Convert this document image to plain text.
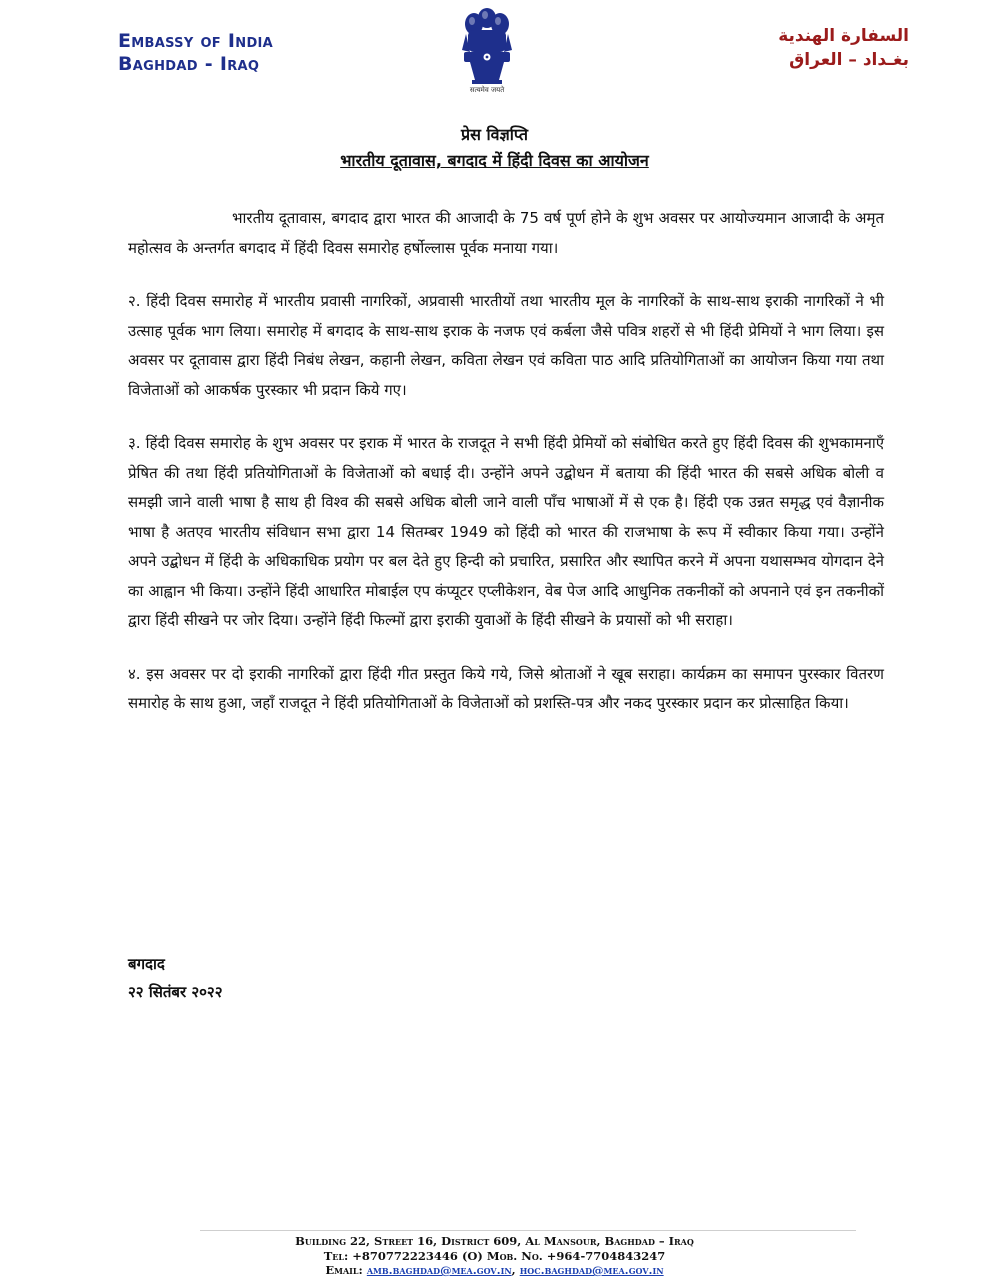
Embassy of India
Baghdad - Iraq
सत्यमेव जयते
السفارة الهندية
بغـداد – العراق
प्रेस विज्ञप्ति
भारतीय दूतावास, बगदाद में हिंदी दिवस का आयोजन

भारतीय दूतावास, बगदाद द्वारा भारत की आजादी के 75 वर्ष पूर्ण होने के शुभ अवसर पर आयोज्यमान आजादी के अमृत महोत्सव के अन्तर्गत बगदाद में हिंदी दिवस समारोह हर्षोल्लास पूर्वक मनाया गया।

२. हिंदी दिवस समारोह में भारतीय प्रवासी नागरिकों, अप्रवासी भारतीयों तथा भारतीय मूल के नागरिकों के साथ-साथ इराकी नागरिकों ने भी उत्साह पूर्वक भाग लिया। समारोह में बगदाद के साथ-साथ इराक के नजफ एवं कर्बला जैसे पवित्र शहरों से भी हिंदी प्रेमियों ने भाग लिया। इस अवसर पर दूतावास द्वारा हिंदी निबंध लेखन, कहानी लेखन, कविता लेखन एवं कविता पाठ आदि प्रतियोगिताओं का आयोजन किया गया तथा विजेताओं को आकर्षक पुरस्कार भी प्रदान किये गए।

३. हिंदी दिवस समारोह के शुभ अवसर पर इराक में भारत के राजदूत ने सभी हिंदी प्रेमियों को संबोधित करते हुए हिंदी दिवस की शुभकामनाएँ प्रेषित की तथा हिंदी प्रतियोगिताओं के विजेताओं को बधाई दी। उन्होंने अपने उद्बोधन में बताया की हिंदी भारत की सबसे अधिक बोली व समझी जाने वाली भाषा है साथ ही विश्व की सबसे अधिक बोली जाने वाली पाँच भाषाओं में से एक है। हिंदी एक उन्नत समृद्ध एवं वैज्ञानीक भाषा है अतएव भारतीय संविधान सभा द्वारा 14 सितम्बर 1949 को हिंदी को भारत की राजभाषा के रूप में स्वीकार किया गया। उन्होंने अपने उद्बोधन में हिंदी के अधिकाधिक प्रयोग पर बल देते हुए हिन्दी को प्रचारित, प्रसारित और स्थापित करने में अपना यथासम्भव योगदान देने का आह्वान भी किया। उन्होंने हिंदी आधारित मोबाईल एप कंप्यूटर एप्लीकेशन, वेब पेज आदि आधुनिक तकनीकों को अपनाने एवं इन तकनीकों द्वारा हिंदी सीखने पर जोर दिया। उन्होंने हिंदी फिल्मों द्वारा इराकी युवाओं के हिंदी सीखने के प्रयासों को भी सराहा।

४. इस अवसर पर दो इराकी नागरिकों द्वारा हिंदी गीत प्रस्तुत किये गये, जिसे श्रोताओं ने खूब सराहा। कार्यक्रम का समापन पुरस्कार वितरण समारोह के साथ हुआ, जहाँ राजदूत ने हिंदी प्रतियोगिताओं के विजेताओं को प्रशस्ति-पत्र और नकद पुरस्कार प्रदान कर प्रोत्साहित किया।

बगदाद
२२ सितंबर २०२२
Building 22, Street 16, District 609, Al Mansour, Baghdad – Iraq
Tel: +870772223446 (O) Mob. No. +964-7704843247
Email: amb.baghdad@mea.gov.in, hoc.baghdad@mea.gov.in
